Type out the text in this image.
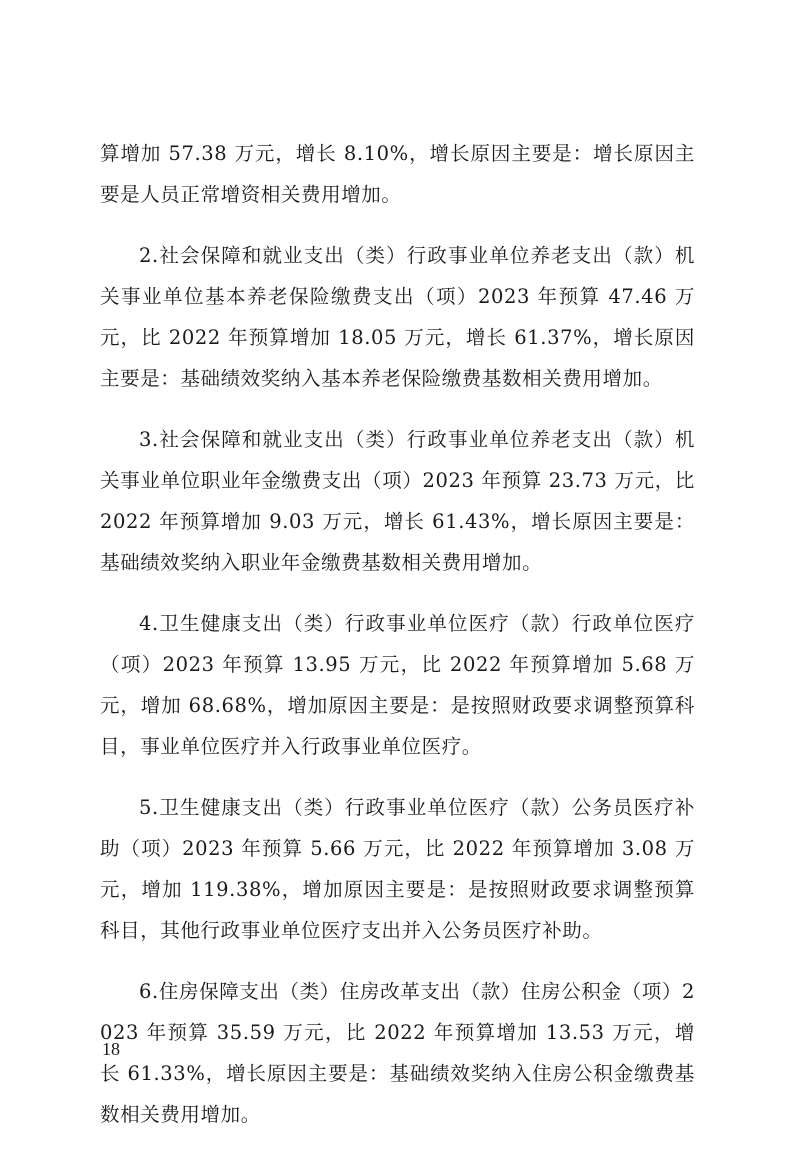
算增加 57.38 万元，增长 8.10%，增长原因主要是：增长原因主要是人员正常增资相关费用增加。

2.社会保障和就业支出（类）行政事业单位养老支出（款）机关事业单位基本养老保险缴费支出（项）2023 年预算 47.46 万元，比 2022 年预算增加 18.05 万元，增长 61.37%，增长原因主要是：基础绩效奖纳入基本养老保险缴费基数相关费用增加。

3.社会保障和就业支出（类）行政事业单位养老支出（款）机关事业单位职业年金缴费支出（项）2023 年预算 23.73 万元，比 2022 年预算增加 9.03 万元，增长 61.43%，增长原因主要是：基础绩效奖纳入职业年金缴费基数相关费用增加。

4.卫生健康支出（类）行政事业单位医疗（款）行政单位医疗（项）2023 年预算 13.95 万元，比 2022 年预算增加 5.68 万元，增加 68.68%，增加原因主要是：是按照财政要求调整预算科目，事业单位医疗并入行政事业单位医疗。

5.卫生健康支出（类）行政事业单位医疗（款）公务员医疗补助（项）2023 年预算 5.66 万元，比 2022 年预算增加 3.08 万元，增加 119.38%，增加原因主要是：是按照财政要求调整预算科目，其他行政事业单位医疗支出并入公务员医疗补助。

6.住房保障支出（类）住房改革支出（款）住房公积金（项）2023 年预算 35.59 万元，比 2022 年预算增加 13.53 万元，增长 61.33%，增长原因主要是：基础绩效奖纳入住房公积金缴费基数相关费用增加。

18
